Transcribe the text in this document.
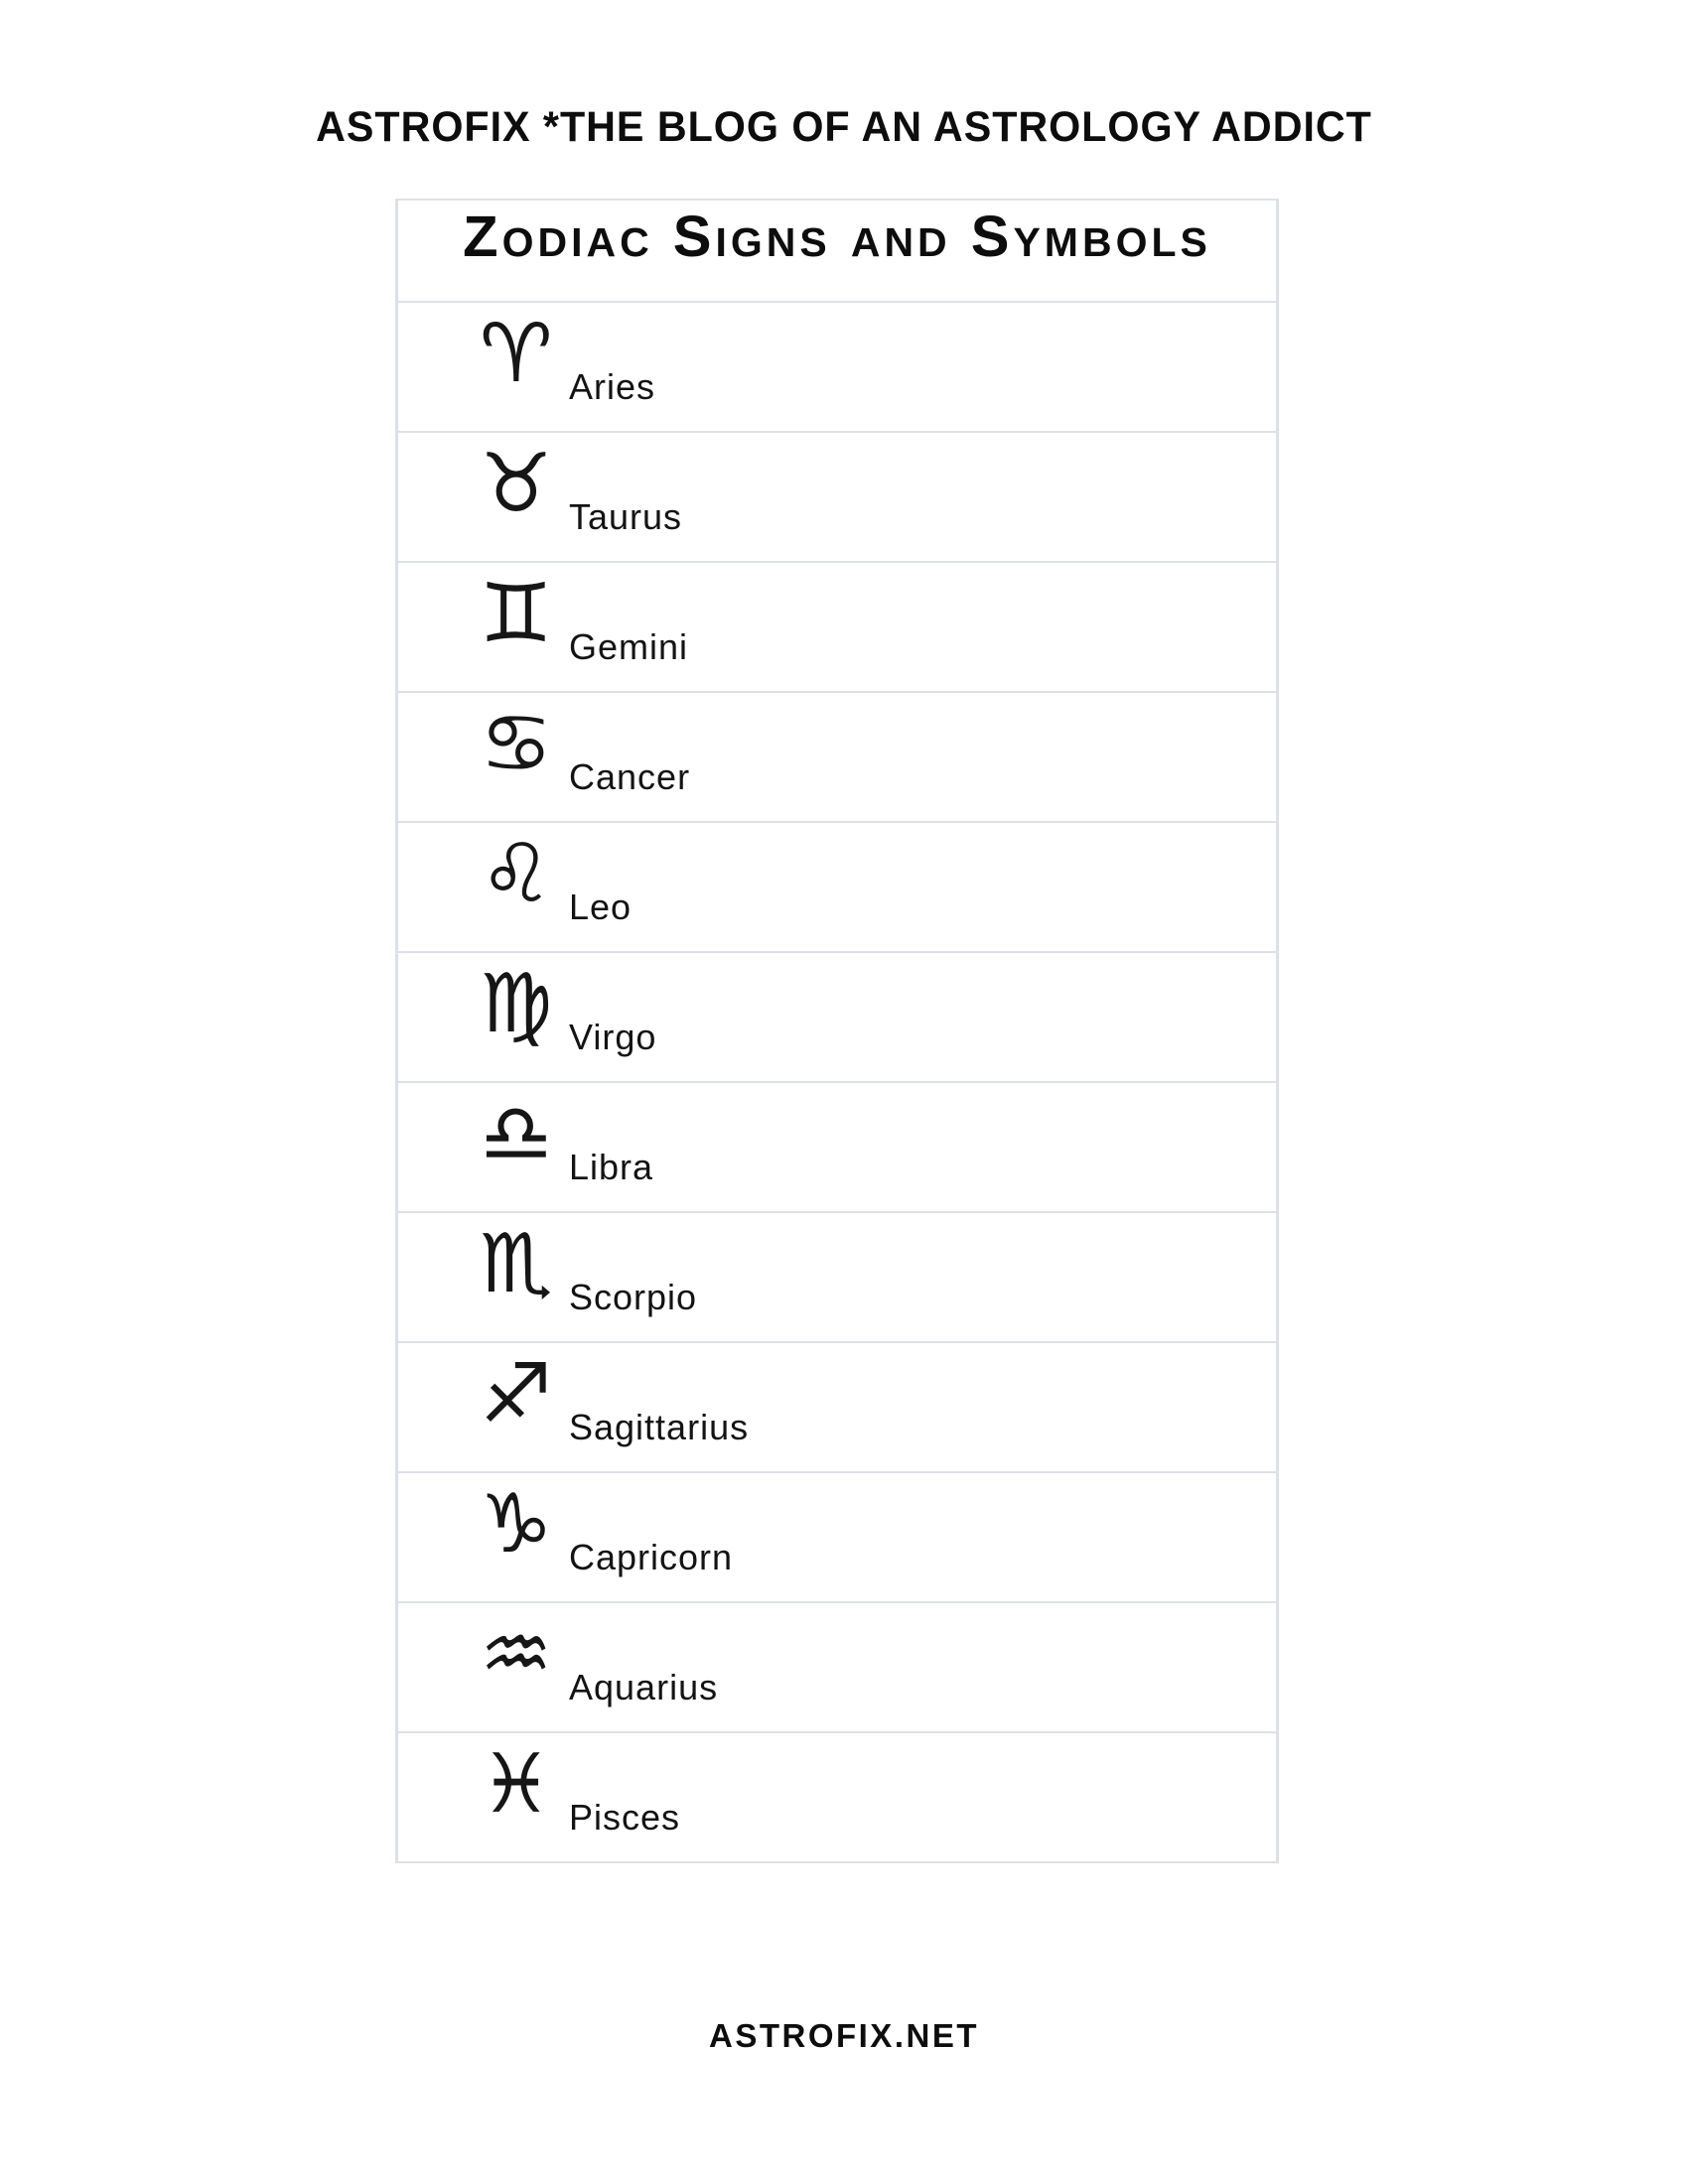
ASTROFIX *THE BLOG OF AN ASTROLOGY ADDICT
Zodiac Signs and Symbols
♈ Aries
♉ Taurus
♊ Gemini
♋ Cancer
♌ Leo
♍ Virgo
♎ Libra
♏ Scorpio
♐ Sagittarius
♑ Capricorn
♒ Aquarius
♓ Pisces
ASTROFIX.NET
